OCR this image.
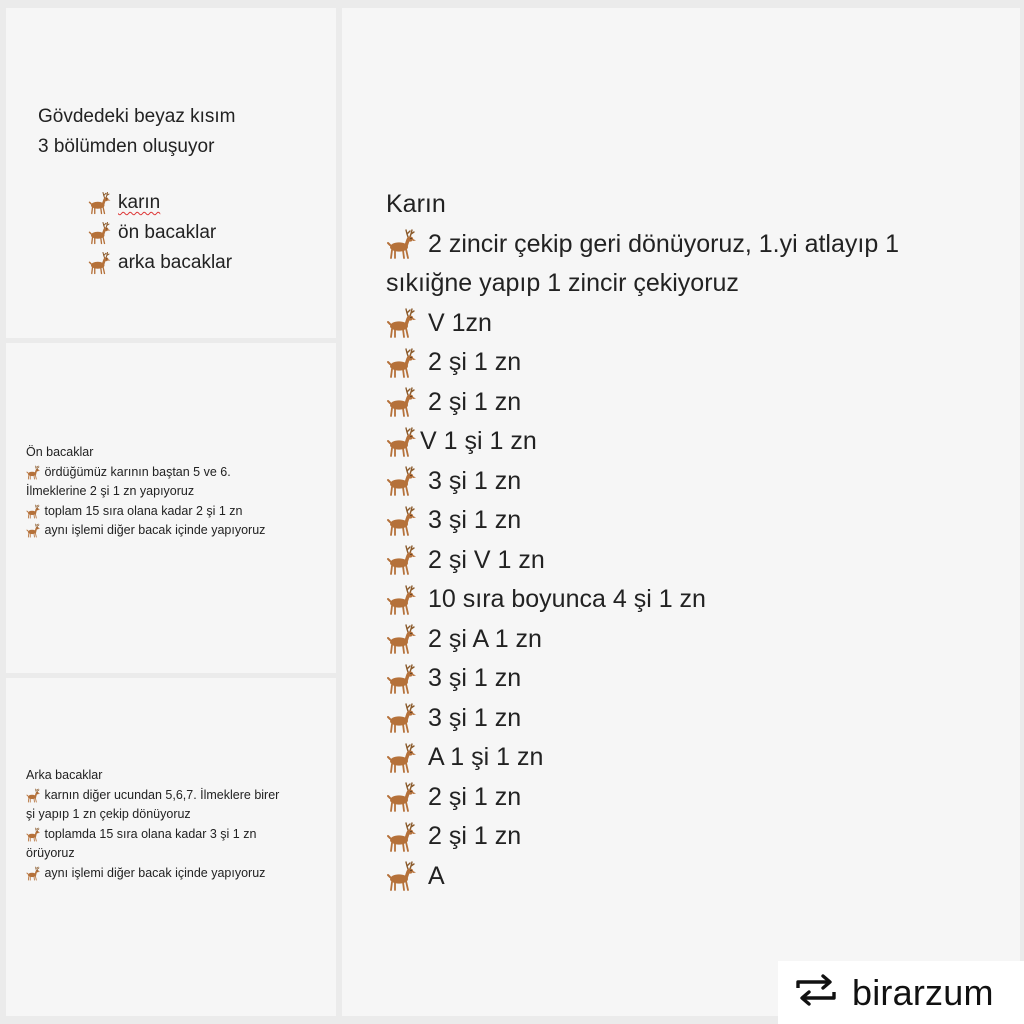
Gövdedeki beyaz kısım
3 bölümden oluşuyor
karın
ön bacaklar
arka bacaklar
Ön bacaklar
ördüğümüz karının baştan 5 ve 6.
İlmeklerine 2 şi 1 zn yapıyoruz
toplam 15 sıra olana kadar 2 şi 1 zn
aynı işlemi diğer bacak içinde yapıyoruz
Arka bacaklar
karnın diğer ucundan 5,6,7. İlmeklere birer
şi yapıp 1 zn çekip dönüyoruz
toplamda 15 sıra olana kadar 3 şi 1 zn
örüyoruz
aynı işlemi diğer bacak içinde yapıyoruz
Karın
2 zincir çekip geri dönüyoruz, 1.yi atlayıp 1
sıkıiğne yapıp 1 zincir çekiyoruz
V 1zn
2 şi 1 zn
2 şi 1 zn
V 1 şi 1 zn
3 şi 1 zn
3 şi 1 zn
2 şi V 1 zn
10 sıra boyunca 4 şi 1 zn
2 şi A 1 zn
3 şi 1 zn
3 şi 1 zn
A 1 şi 1 zn
2 şi 1 zn
2 şi 1 zn
A
birarzum
